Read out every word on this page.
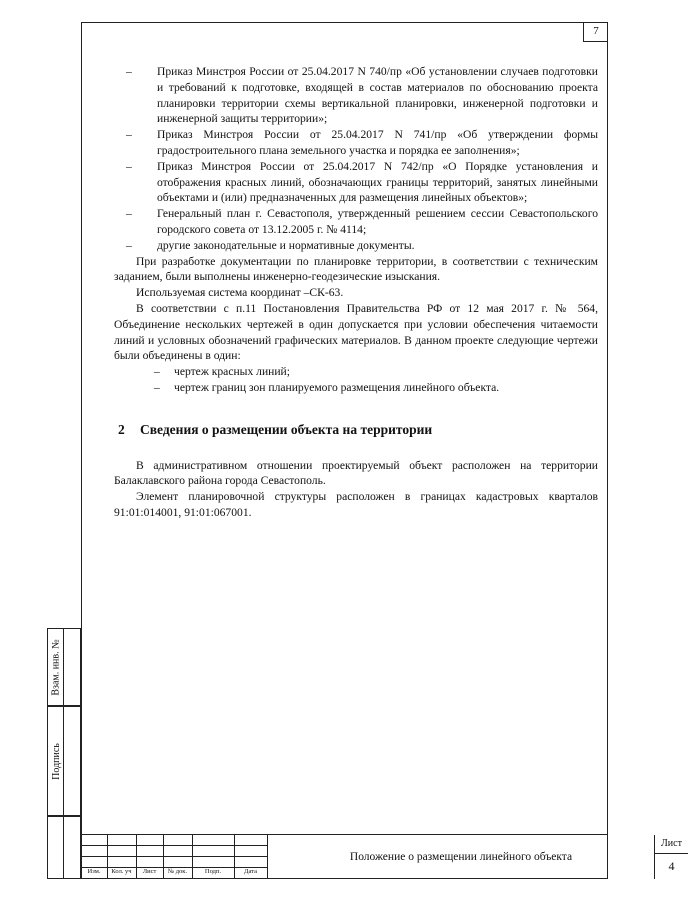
7
Взам. инв. №
Подпись
– Приказ Минстроя России от 25.04.2017 N 740/пр «Об установлении случаев подготовки и требований к подготовке, входящей в состав материалов по обоснованию проекта планировки территории схемы вертикальной планировки, инженерной подготовки и инженерной защиты территории»;
– Приказ Минстроя России от 25.04.2017 N 741/пр «Об утверждении формы градостроительного плана земельного участка и порядка ее заполнения»;
– Приказ Минстроя России от 25.04.2017 N 742/пр «О Порядке установления и отображения красных линий, обозначающих границы территорий, занятых линейными объектами и (или) предназначенных для размещения линейных объектов»;
– Генеральный план г. Севастополя, утвержденный решением сессии Севастопольского городского совета от 13.12.2005 г. № 4114;
– другие законодательные и нормативные документы.
При разработке документации по планировке территории, в соответствии с техническим заданием, были выполнены инженерно-геодезические изыскания.
Используемая система координат –СК-63.
В соответствии с п.11 Постановления Правительства РФ от 12 мая 2017 г. № 564, Объединение нескольких чертежей в один допускается при условии обеспечения читаемости линий и условных обозначений графических материалов. В данном проекте следующие чертежи были объединены в один:
– чертеж красных линий;
– чертеж границ зон планируемого размещения линейного объекта.
2 Сведения о размещении объекта на территории
В административном отношении проектируемый объект расположен на территории Балаклавского района города Севастополь.
Элемент планировочной структуры расположен в границах кадастровых кварталов 91:01:014001, 91:01:067001.
Изм.	Кол. уч	Лист	№ док.	Подп.	Дата
Положение о размещении линейного объекта
Лист
4
